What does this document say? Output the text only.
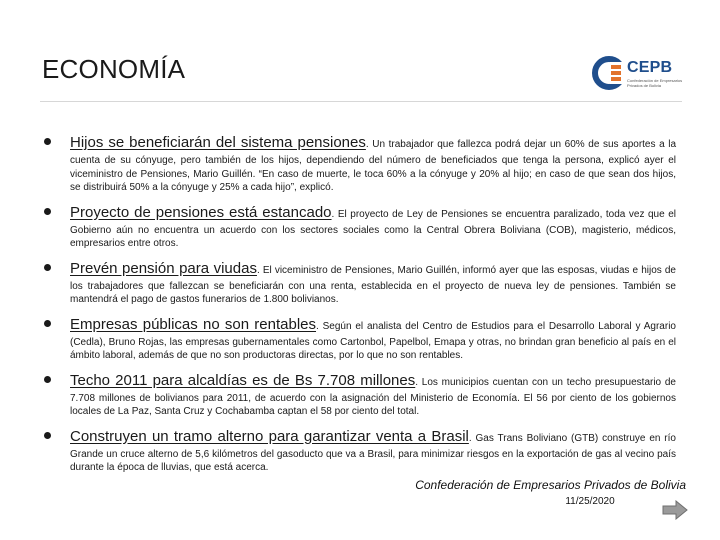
ECONOMÍA	CEPB
Confederación de Empresarios Privados de Bolivia

Hijos se beneficiarán del sistema pensiones. Un trabajador que fallezca podrá dejar un 60% de sus aportes a la cuenta de su cónyuge, pero también de los hijos, dependiendo del número de beneficiados que tenga la persona, explicó ayer el viceministro de Pensiones, Mario Guillén. “En caso de muerte, le toca 60% a la cónyuge y 20% al hijo; en caso de que sean dos hijos, se distribuirá 50% a la cónyuge y 25% a cada hijo”, explicó.

Proyecto de pensiones está estancado. El proyecto de Ley de Pensiones se encuentra paralizado, toda vez que el Gobierno aún no encuentra un acuerdo con los sectores sociales como la Central Obrera Boliviana (COB), magisterio, médicos, empresarios entre otros.

Prevén pensión para viudas. El viceministro de Pensiones, Mario Guillén, informó ayer que las esposas, viudas e hijos de los trabajadores que fallezcan se beneficiarán con una renta, establecida en el proyecto de nueva ley de pensiones. También se mantendrá el pago de gastos funerarios de 1.800 bolivianos.

Empresas públicas no son rentables. Según el analista del Centro de Estudios para el Desarrollo Laboral y Agrario (Cedla), Bruno Rojas, las empresas gubernamentales como Cartonbol, Papelbol, Emapa y otras, no brindan gran beneficio al país en el ámbito laboral, además de que no son productoras directas, por lo que no son rentables.

Techo 2011 para alcaldías es de Bs 7.708 millones. Los municipios cuentan con un techo presupuestario de 7.708 millones de bolivianos para 2011, de acuerdo con la asignación del Ministerio de Economía. El 56 por ciento de los gobiernos locales de La Paz, Santa Cruz y Cochabamba captan el 58 por ciento del total.

Construyen un tramo alterno para garantizar venta a Brasil. Gas Trans Boliviano (GTB) construye en río Grande un cruce alterno de 5,6 kilómetros del gasoducto que va a Brasil, para minimizar riesgos en la exportación de gas al vecino país durante la época de lluvias, que está acerca.

Confederación de Empresarios Privados de Bolivia
11/25/2020
